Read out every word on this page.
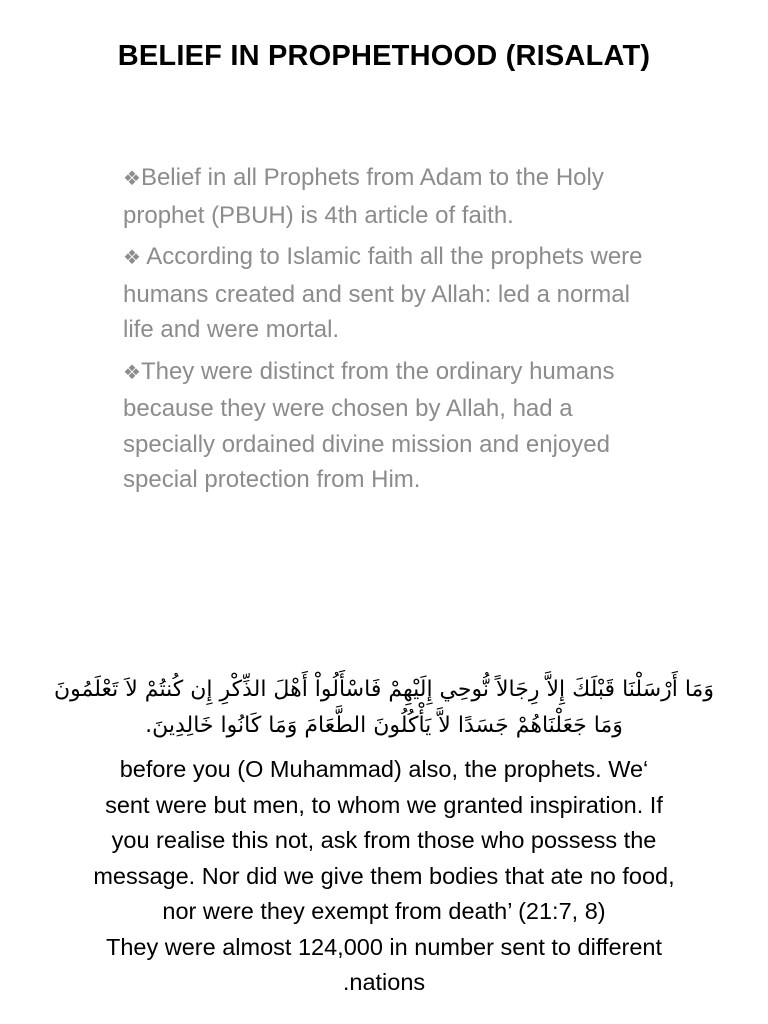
BELIEF IN PROPHETHOOD (RISALAT)
❖Belief in all Prophets from Adam to the Holy prophet (PBUH) is 4th article of faith.
❖ According to Islamic faith all the prophets were humans created and sent by Allah: led a normal life and were mortal.
❖They were distinct from the ordinary humans because they were chosen by Allah, had a specially ordained divine mission and enjoyed special protection from Him.
وَمَا أَرْسَلْنَا قَبْلَكَ إِلاَّ رِجَالاً نُّوحِي إِلَيْهِمْ فَاسْأَلُواْ أَهْلَ الذِّكْرِ إِن كُنتُمْ لاَ تَعْلَمُونَ
وَمَا جَعَلْنَاهُمْ جَسَدًا لاَّ يَأْكُلُونَ الطَّعَامَ وَمَا كَانُوا خَالِدِينَ.
before you (O Muhammad) also, the prophets. We‘
sent were but men, to whom we granted inspiration. If
you realise this not, ask from those who possess the
message. Nor did we give them bodies that ate no food,
nor were they exempt from death’ (21:7, 8)
They were almost 124,000 in number sent to different
.nations
